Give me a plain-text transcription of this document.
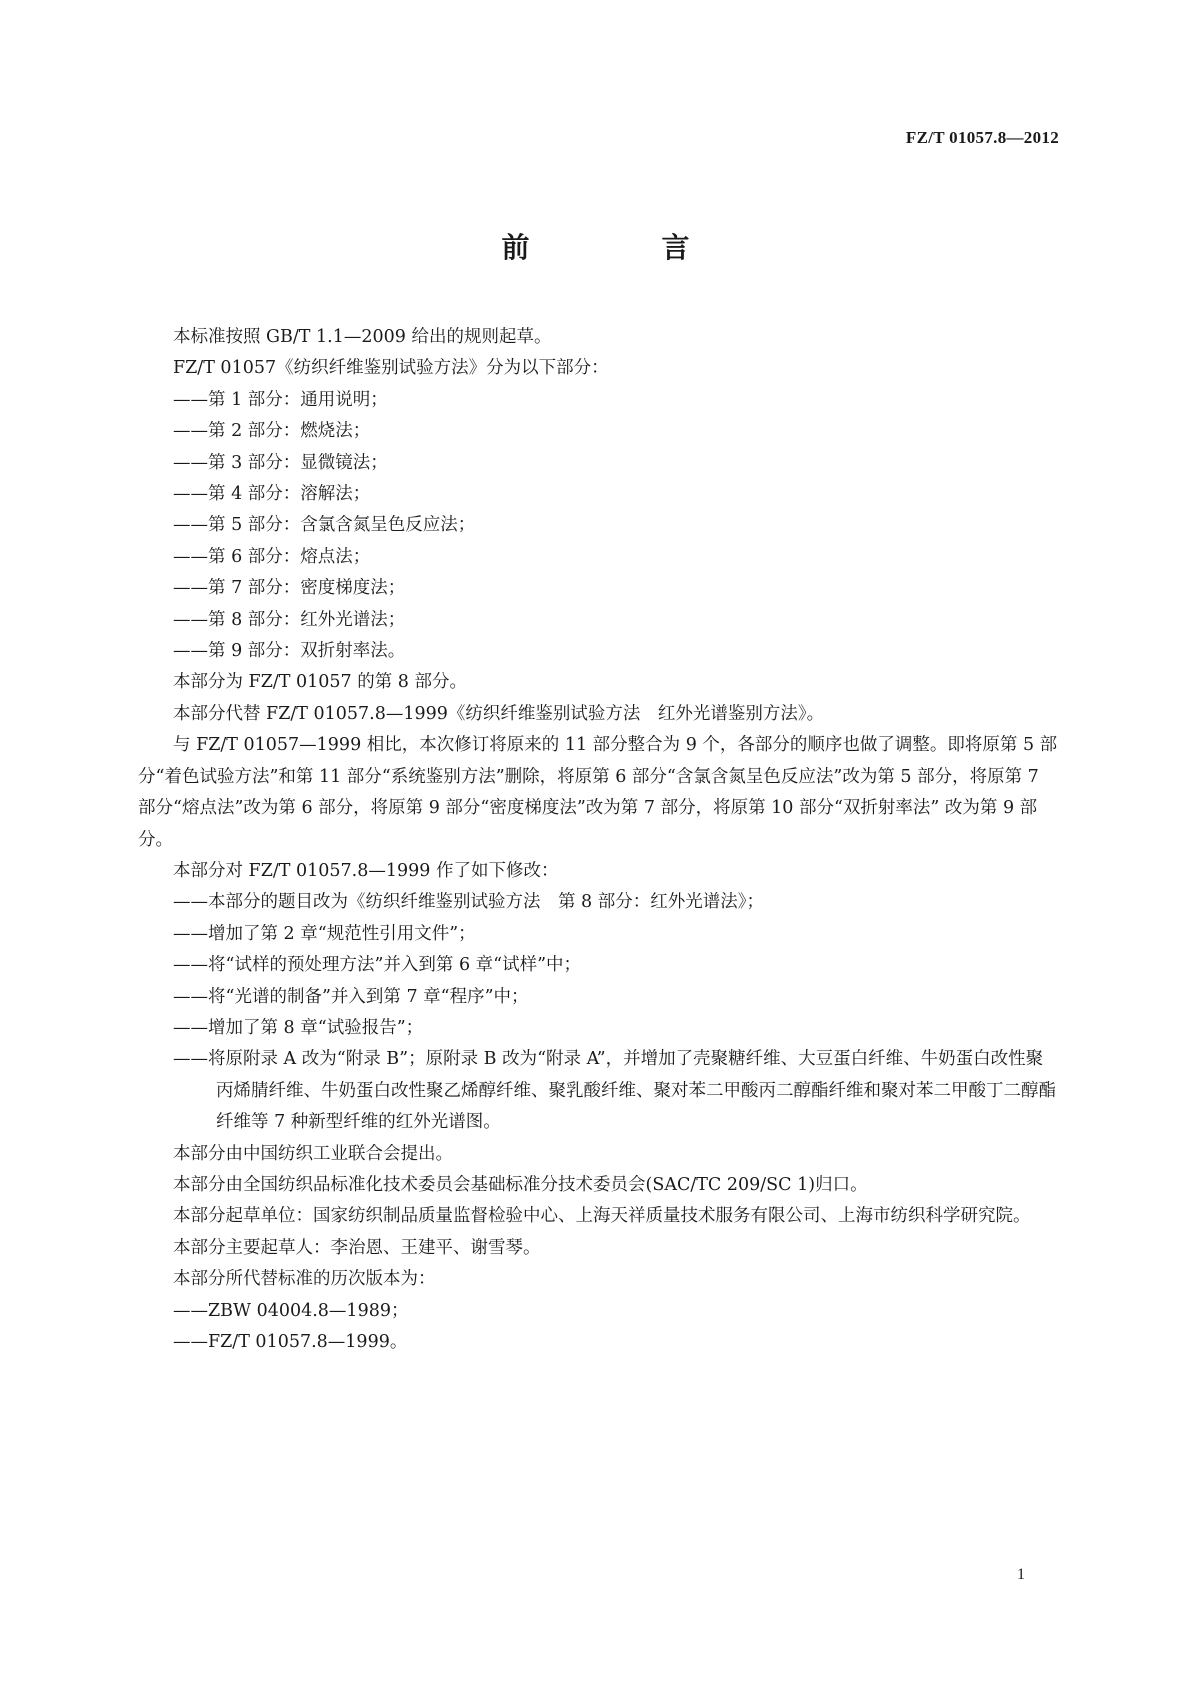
FZ/T 01057.8—2012
前　言

本标准按照 GB/T 1.1—2009 给出的规则起草。

FZ/T 01057《纺织纤维鉴别试验方法》分为以下部分：

——第 1 部分：通用说明；

——第 2 部分：燃烧法；

——第 3 部分：显微镜法；

——第 4 部分：溶解法；

——第 5 部分：含氯含氮呈色反应法；

——第 6 部分：熔点法；

——第 7 部分：密度梯度法；

——第 8 部分：红外光谱法；

——第 9 部分：双折射率法。

本部分为 FZ/T 01057 的第 8 部分。

本部分代替 FZ/T 01057.8—1999《纺织纤维鉴别试验方法　红外光谱鉴别方法》。

与 FZ/T 01057—1999 相比，本次修订将原来的 11 部分整合为 9 个，各部分的顺序也做了调整。即将原第 5 部分“着色试验方法”和第 11 部分“系统鉴别方法”删除，将原第 6 部分“含氯含氮呈色反应法”改为第 5 部分，将原第 7 部分“熔点法”改为第 6 部分，将原第 9 部分“密度梯度法”改为第 7 部分，将原第 10 部分“双折射率法” 改为第 9 部分。

本部分对 FZ/T 01057.8—1999 作了如下修改：

——本部分的题目改为《纺织纤维鉴别试验方法　第 8 部分：红外光谱法》；

——增加了第 2 章“规范性引用文件”；

——将“试样的预处理方法”并入到第 6 章“试样”中；

——将“光谱的制备”并入到第 7 章“程序”中；

——增加了第 8 章“试验报告”；

——将原附录 A 改为“附录 B”；原附录 B 改为“附录 A”，并增加了壳聚糖纤维、大豆蛋白纤维、牛奶蛋白改性聚丙烯腈纤维、牛奶蛋白改性聚乙烯醇纤维、聚乳酸纤维、聚对苯二甲酸丙二醇酯纤维和聚对苯二甲酸丁二醇酯纤维等 7 种新型纤维的红外光谱图。

本部分由中国纺织工业联合会提出。

本部分由全国纺织品标准化技术委员会基础标准分技术委员会(SAC/TC 209/SC 1)归口。

本部分起草单位：国家纺织制品质量监督检验中心、上海天祥质量技术服务有限公司、上海市纺织科学研究院。

本部分主要起草人：李治恩、王建平、谢雪琴。

本部分所代替标准的历次版本为：

——ZBW 04004.8—1989；

——FZ/T 01057.8—1999。

1
